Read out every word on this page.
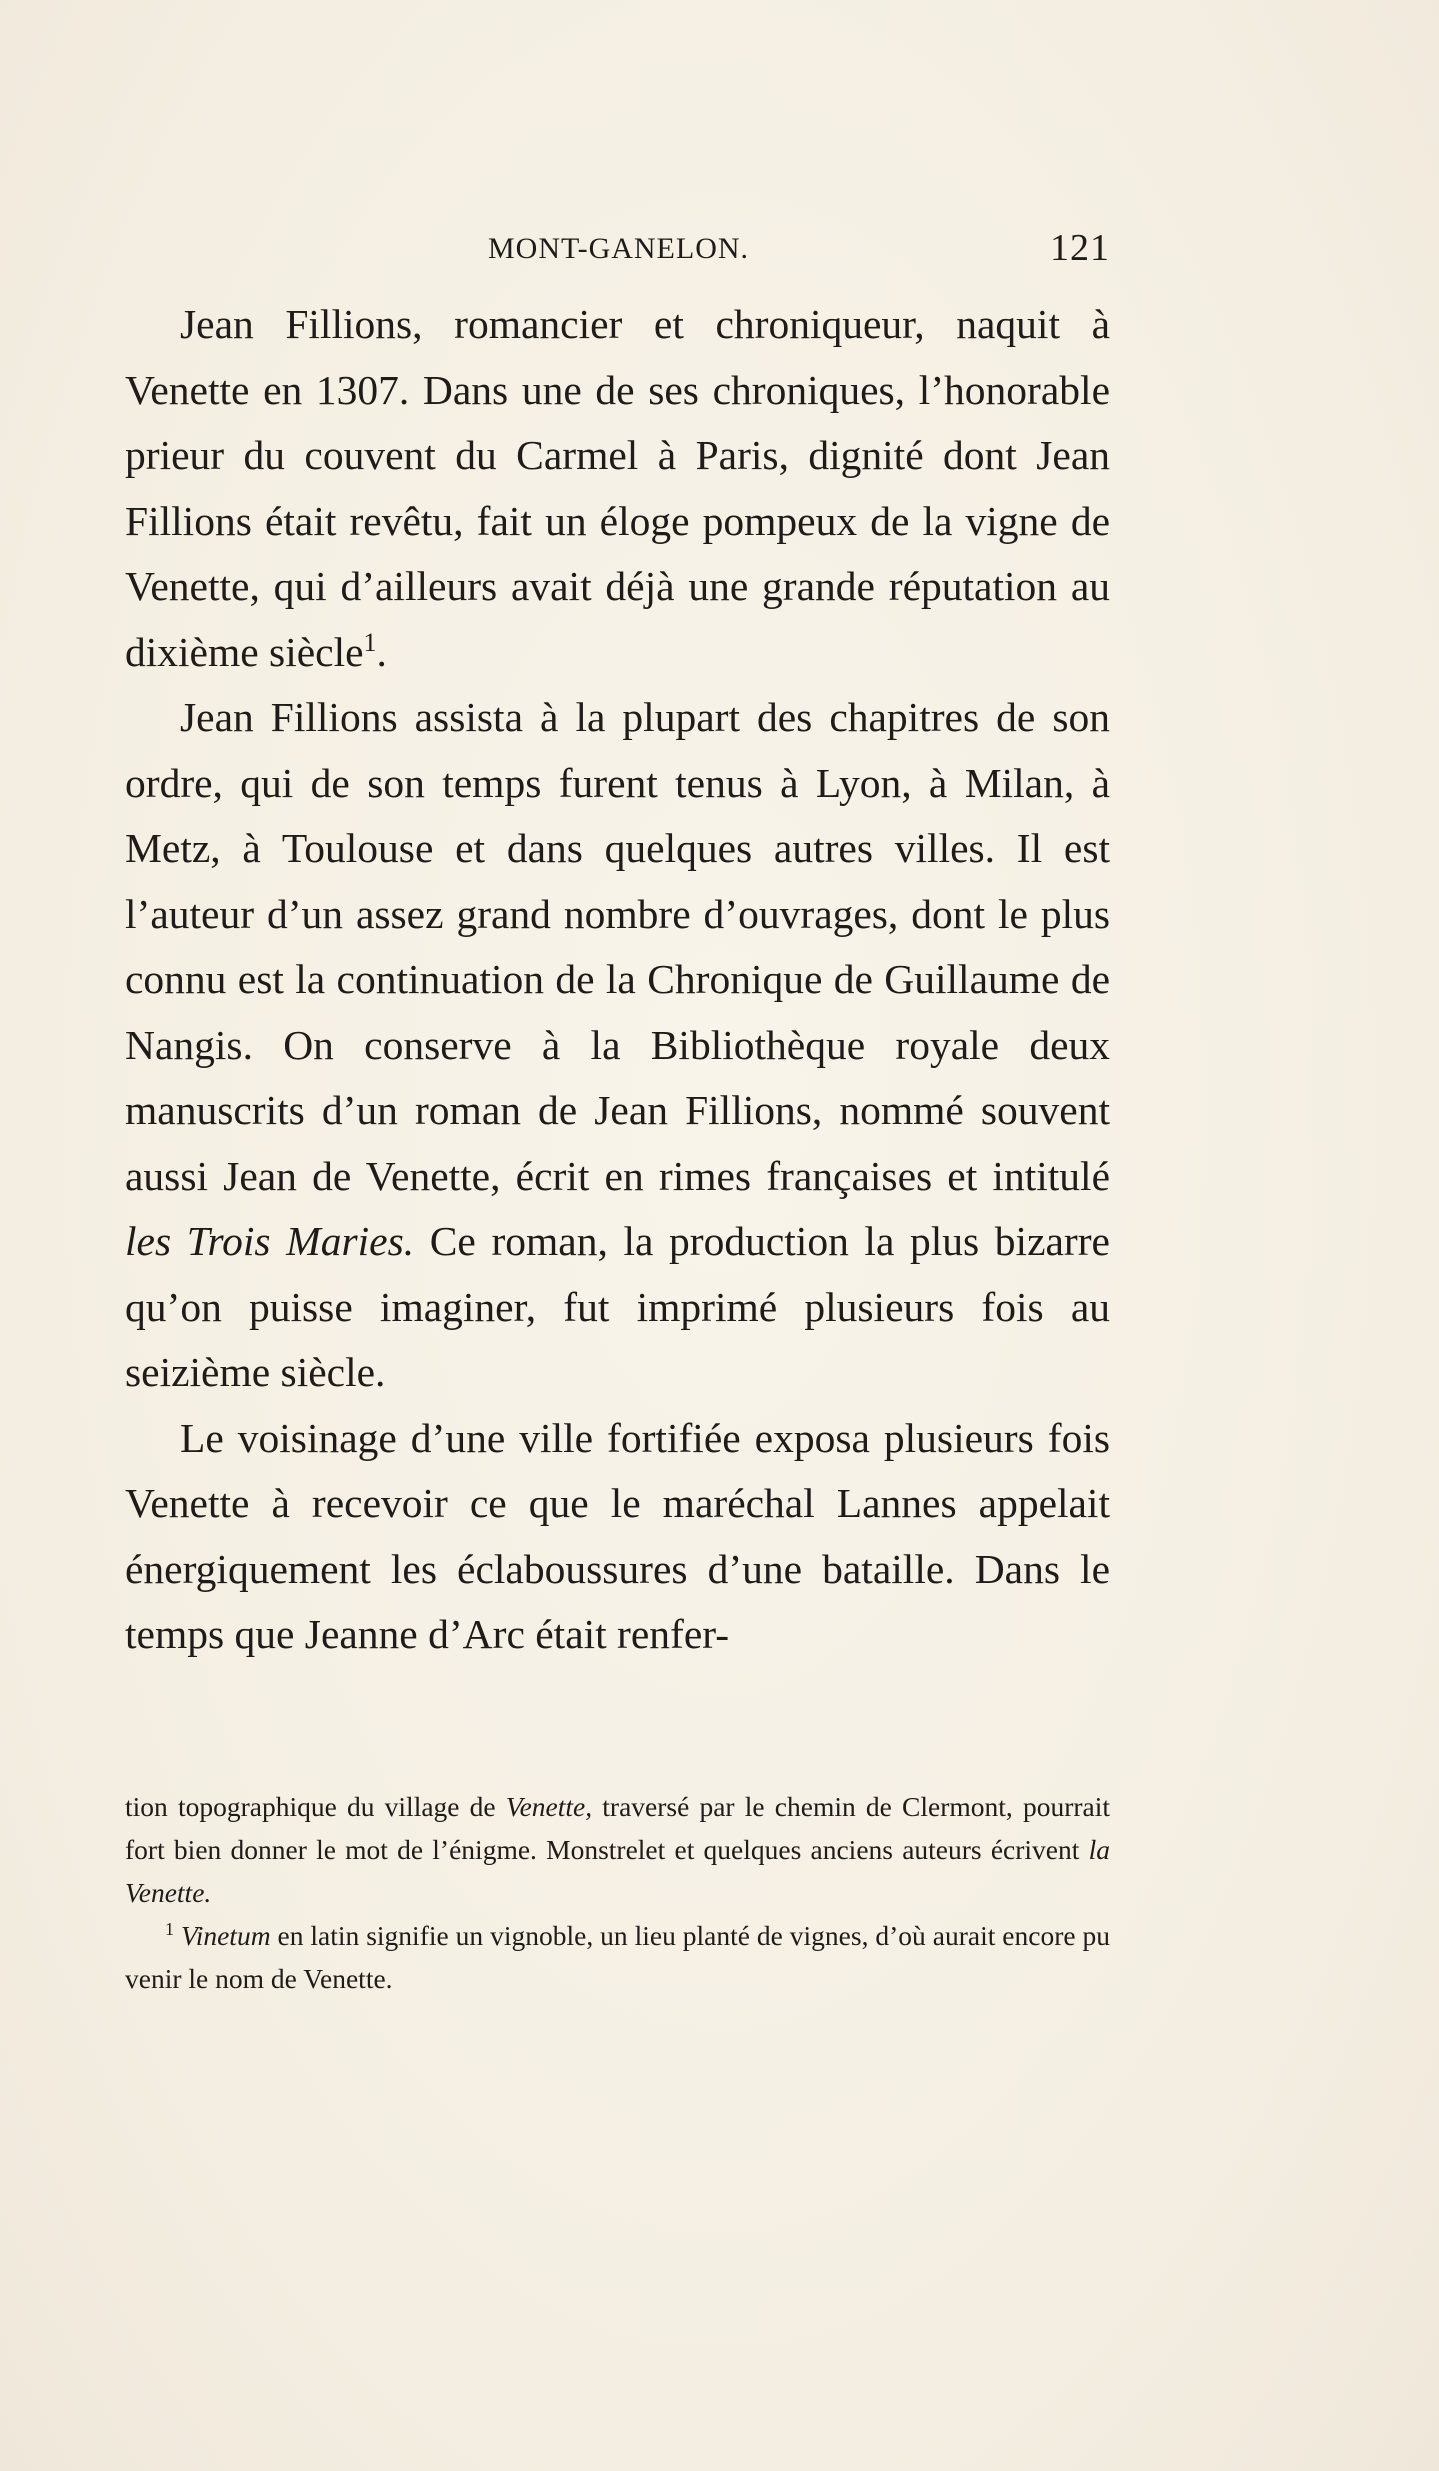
MONT-GANELON.	121

Jean Fillions, romancier et chroniqueur, naquit à Venette en 1307. Dans une de ses chroniques, l’honorable prieur du couvent du Carmel à Paris, dignité dont Jean Fillions était revêtu, fait un éloge pompeux de la vigne de Venette, qui d’ailleurs avait déjà une grande réputation au dixième siècle$^1$.

Jean Fillions assista à la plupart des chapitres de son ordre, qui de son temps furent tenus à Lyon, à Milan, à Metz, à Toulouse et dans quelques autres villes. Il est l’auteur d’un assez grand nombre d’ouvrages, dont le plus connu est la continuation de la Chronique de Guillaume de Nangis. On conserve à la Bibliothèque royale deux manuscrits d’un roman de Jean Fillions, nommé souvent aussi Jean de Venette, écrit en rimes françaises et intitulé les Trois Maries. Ce roman, la production la plus bizarre qu’on puisse imaginer, fut imprimé plusieurs fois au seizième siècle.

Le voisinage d’une ville fortifiée exposa plusieurs fois Venette à recevoir ce que le maréchal Lannes appelait énergiquement les éclaboussures d’une bataille. Dans le temps que Jeanne d’Arc était renfer-

tion topographique du village de Venette, traversé par le chemin de Clermont, pourrait fort bien donner le mot de l’énigme. Monstrelet et quelques anciens auteurs écrivent la Venette.

$^1$ Vinetum en latin signifie un vignoble, un lieu planté de vignes, d’où aurait encore pu venir le nom de Venette.
